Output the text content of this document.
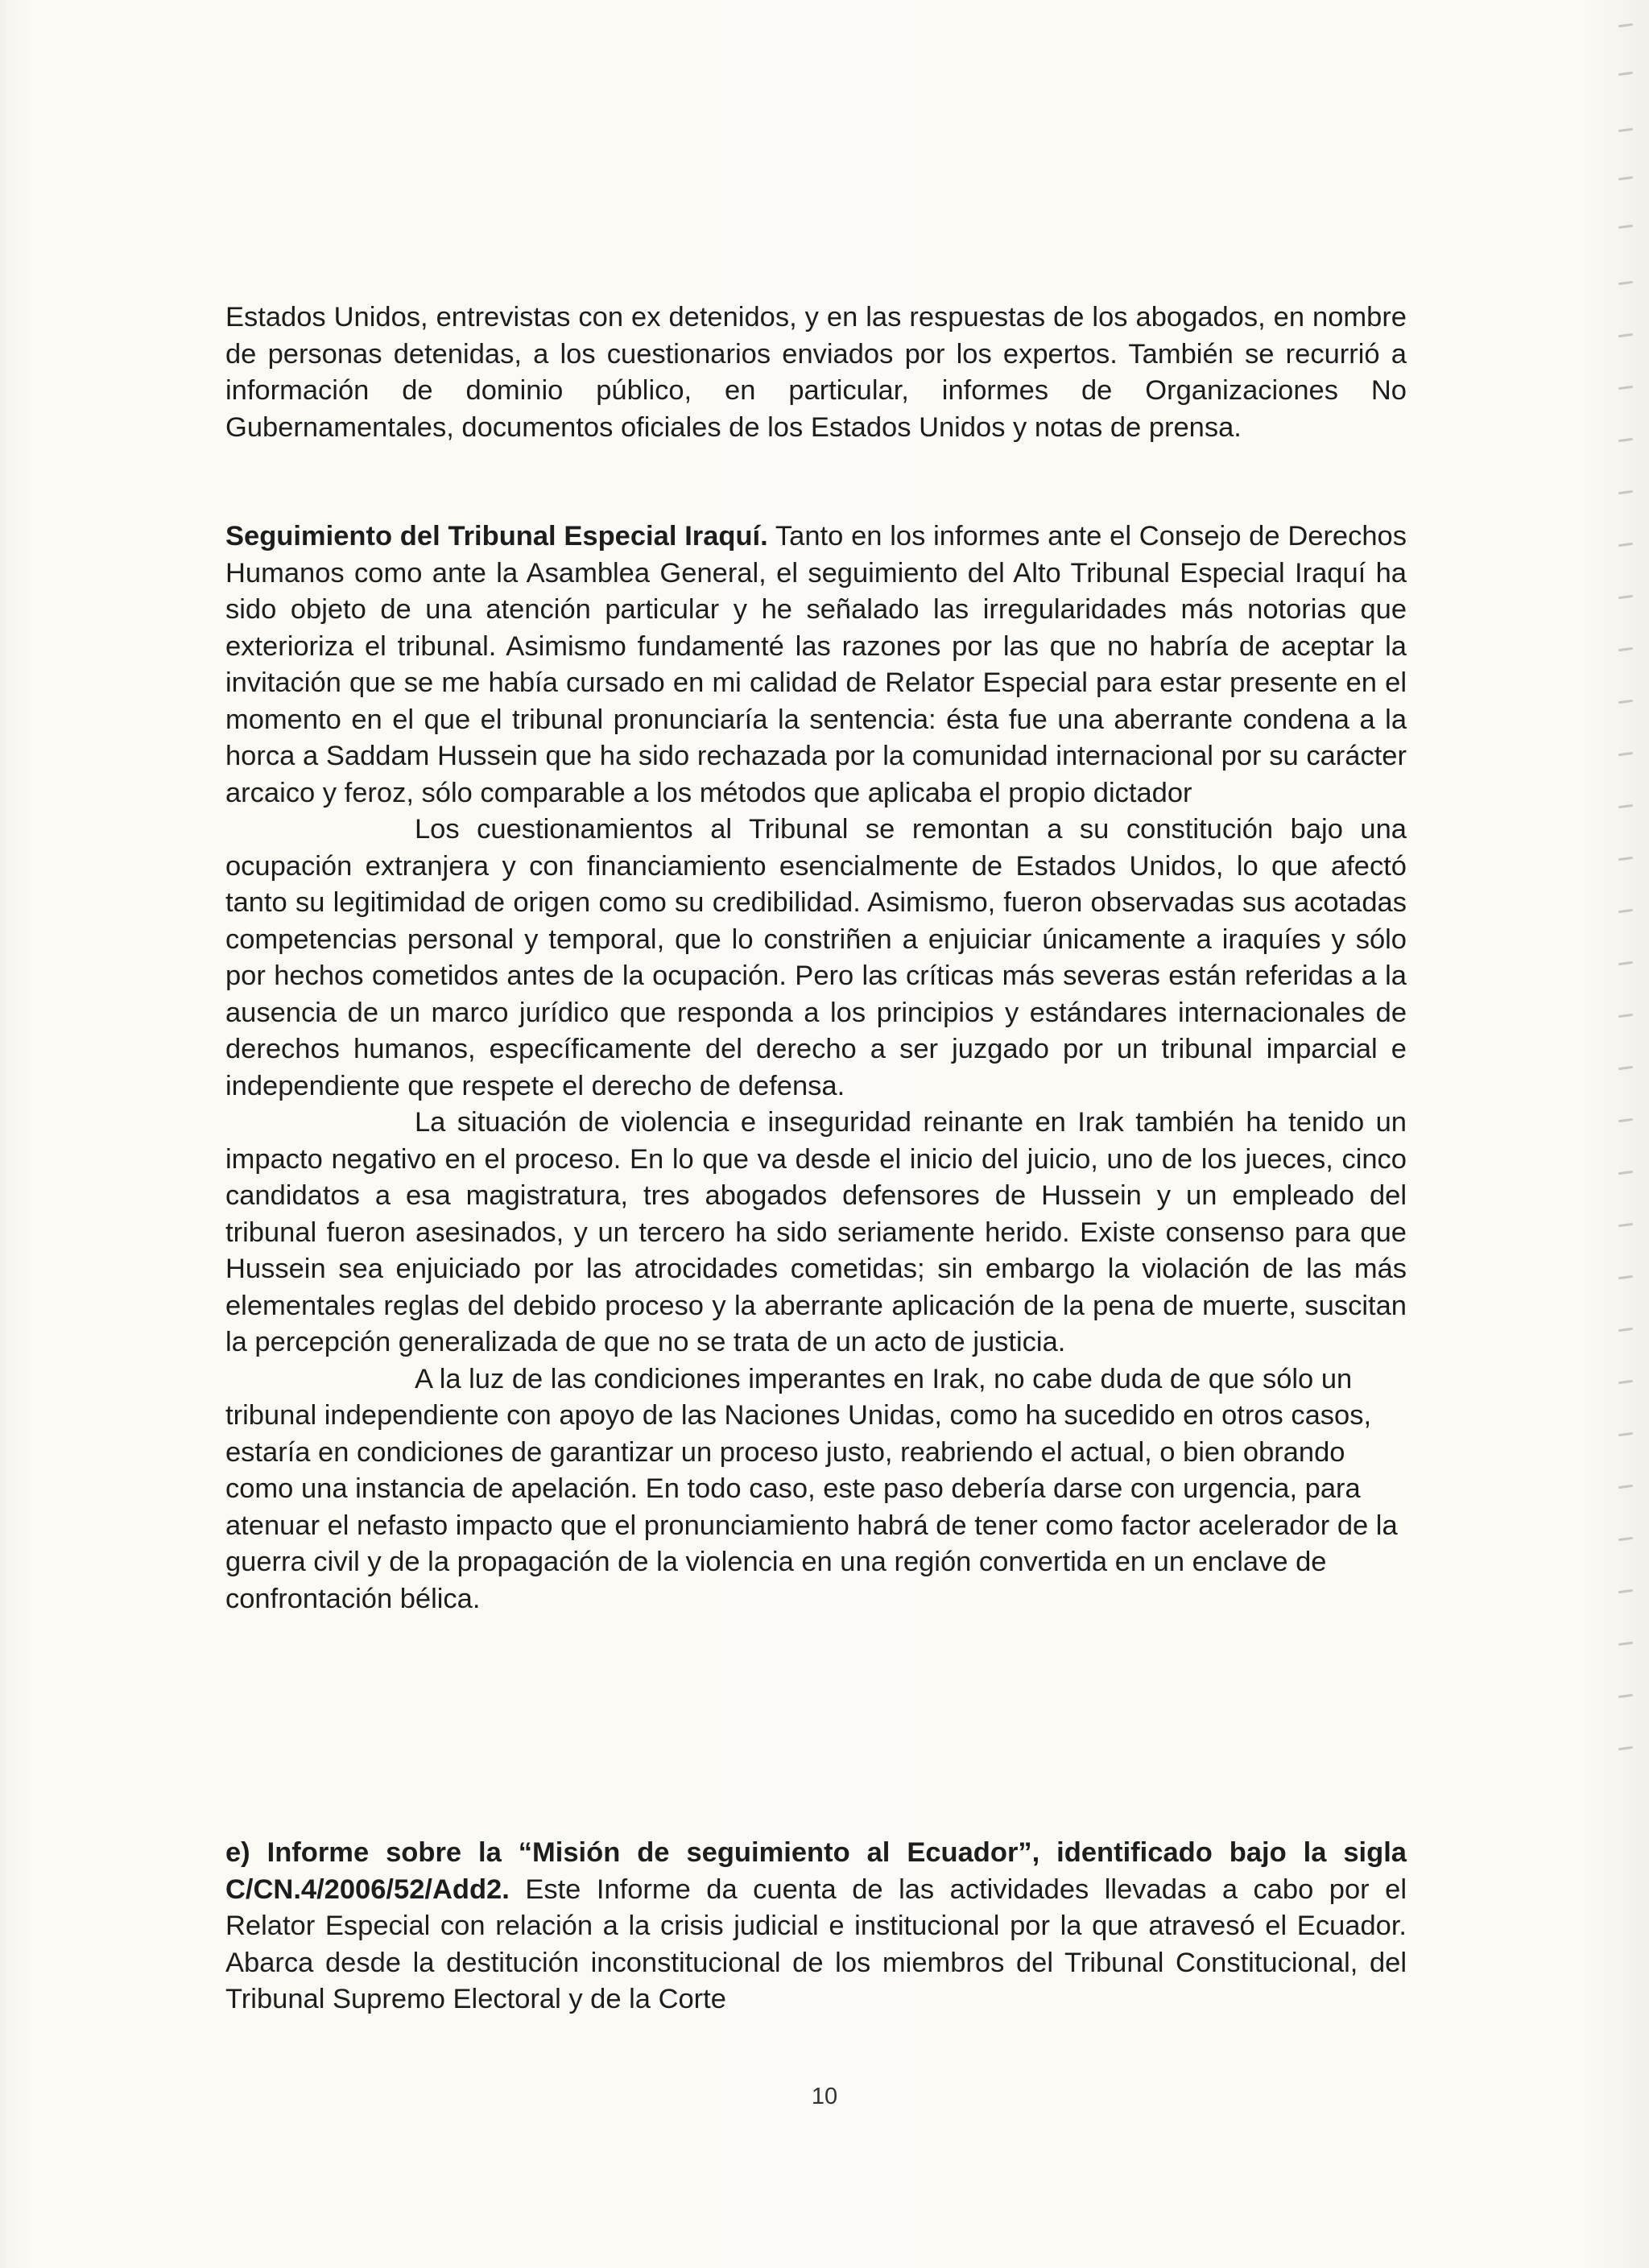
Estados Unidos, entrevistas con ex detenidos, y en las respuestas de los abogados, en nombre de personas detenidas, a los cuestionarios enviados por los expertos. También se recurrió a información de dominio público, en particular, informes de Organizaciones No Gubernamentales, documentos oficiales de los Estados Unidos y notas de prensa.

Seguimiento del Tribunal Especial Iraquí. Tanto en los informes ante el Consejo de Derechos Humanos como ante la Asamblea General, el seguimiento del Alto Tribunal Especial Iraquí ha sido objeto de una atención particular y he señalado las irregularidades más notorias que exterioriza el tribunal. Asimismo fundamenté las razones por las que no habría de aceptar la invitación que se me había cursado en mi calidad de Relator Especial para estar presente en el momento en el que el tribunal pronunciaría la sentencia: ésta fue una aberrante condena a la horca a Saddam Hussein que ha sido rechazada por la comunidad internacional por su carácter arcaico y feroz, sólo comparable a los métodos que aplicaba el propio dictador

Los cuestionamientos al Tribunal se remontan a su constitución bajo una ocupación extranjera y con financiamiento esencialmente de Estados Unidos, lo que afectó tanto su legitimidad de origen como su credibilidad. Asimismo, fueron observadas sus acotadas competencias personal y temporal, que lo constriñen a enjuiciar únicamente a iraquíes y sólo por hechos cometidos antes de la ocupación. Pero las críticas más severas están referidas a la ausencia de un marco jurídico que responda a los principios y estándares internacionales de derechos humanos, específicamente del derecho a ser juzgado por un tribunal imparcial e independiente que respete el derecho de defensa.

La situación de violencia e inseguridad reinante en Irak también ha tenido un impacto negativo en el proceso. En lo que va desde el inicio del juicio, uno de los jueces, cinco candidatos a esa magistratura, tres abogados defensores de Hussein y un empleado del tribunal fueron asesinados, y un tercero ha sido seriamente herido. Existe consenso para que Hussein sea enjuiciado por las atrocidades cometidas; sin embargo la violación de las más elementales reglas del debido proceso y la aberrante aplicación de la pena de muerte, suscitan la percepción generalizada de que no se trata de un acto de justicia.

A la luz de las condiciones imperantes en Irak, no cabe duda de que sólo un tribunal independiente con apoyo de las Naciones Unidas, como ha sucedido en otros casos, estaría en condiciones de garantizar un proceso justo, reabriendo el actual, o bien obrando como una instancia de apelación. En todo caso, este paso debería darse con urgencia, para atenuar el nefasto impacto que el pronunciamiento habrá de tener como factor acelerador de la guerra civil y de la propagación de la violencia en una región convertida en un enclave de confrontación bélica.

e) Informe sobre la “Misión de seguimiento al Ecuador”, identificado bajo la sigla C/CN.4/2006/52/Add2. Este Informe da cuenta de las actividades llevadas a cabo por el Relator Especial con relación a la crisis judicial e institucional por la que atravesó el Ecuador. Abarca desde la destitución inconstitucional de los miembros del Tribunal Constitucional, del Tribunal Supremo Electoral y de la Corte

10
